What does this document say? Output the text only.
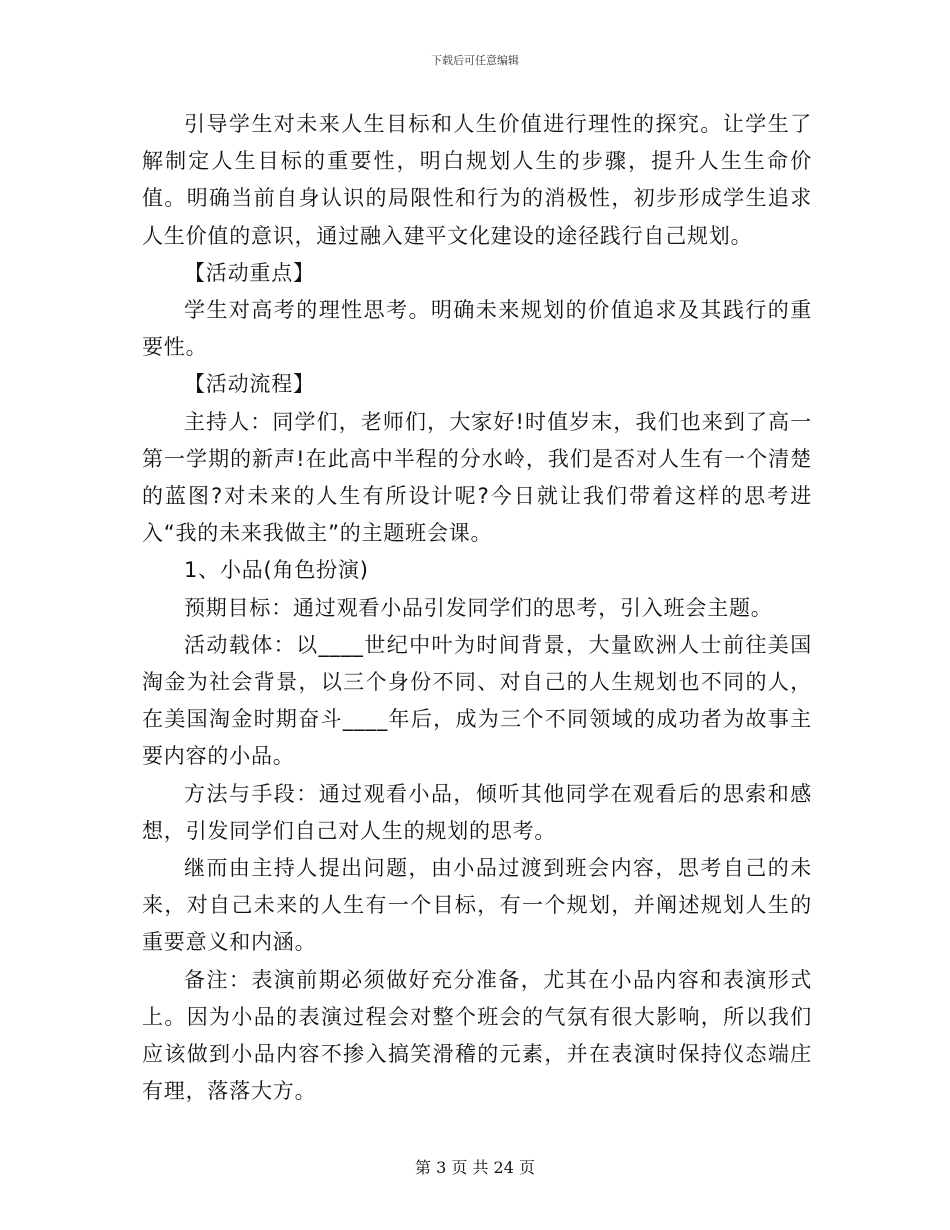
下载后可任意编辑

引导学生对未来人生目标和人生价值进行理性的探究。让学生了解制定人生目标的重要性，明白规划人生的步骤，提升人生生命价值。明确当前自身认识的局限性和行为的消极性，初步形成学生追求人生价值的意识，通过融入建平文化建设的途径践行自己规划。

【活动重点】

学生对高考的理性思考。明确未来规划的价值追求及其践行的重要性。

【活动流程】

主持人：同学们，老师们，大家好!时值岁末，我们也来到了高一第一学期的新声!在此高中半程的分水岭，我们是否对人生有一个清楚的蓝图?对未来的人生有所设计呢?今日就让我们带着这样的思考进入“我的未来我做主”的主题班会课。

1、小品(角色扮演)

预期目标：通过观看小品引发同学们的思考，引入班会主题。

活动载体：以____世纪中叶为时间背景，大量欧洲人士前往美国淘金为社会背景，以三个身份不同、对自己的人生规划也不同的人，在美国淘金时期奋斗____年后，成为三个不同领域的成功者为故事主要内容的小品。

方法与手段：通过观看小品，倾听其他同学在观看后的思索和感想，引发同学们自己对人生的规划的思考。

继而由主持人提出问题，由小品过渡到班会内容，思考自己的未来，对自己未来的人生有一个目标，有一个规划，并阐述规划人生的重要意义和内涵。

备注：表演前期必须做好充分准备，尤其在小品内容和表演形式上。因为小品的表演过程会对整个班会的气氛有很大影响，所以我们应该做到小品内容不掺入搞笑滑稽的元素，并在表演时保持仪态端庄有理，落落大方。

第 3 页 共 24 页
